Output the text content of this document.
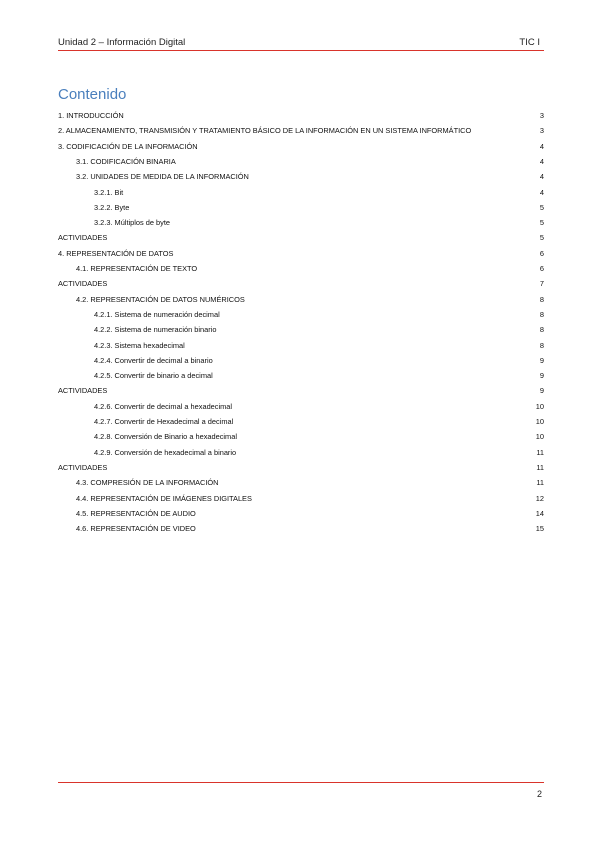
Unidad 2 – Información Digital	TIC I
Contenido
1. INTRODUCCIÓN	3
2. ALMACENAMIENTO, TRANSMISIÓN Y TRATAMIENTO BÁSICO DE LA INFORMACIÓN EN UN SISTEMA INFORMÁTICO	3
3. CODIFICACIÓN DE LA INFORMACIÓN	4
3.1. CODIFICACIÓN BINARIA	4
3.2. UNIDADES DE MEDIDA DE LA INFORMACIÓN	4
3.2.1. Bit	4
3.2.2. Byte	5
3.2.3. Múltiplos de byte	5
ACTIVIDADES	5
4. REPRESENTACIÓN DE DATOS	6
4.1. REPRESENTACIÓN DE TEXTO	6
ACTIVIDADES	7
4.2. REPRESENTACIÓN DE DATOS NUMÉRICOS	8
4.2.1. Sistema de numeración decimal	8
4.2.2. Sistema de numeración binario	8
4.2.3. Sistema hexadecimal	8
4.2.4. Convertir de decimal a binario	9
4.2.5. Convertir de binario a decimal	9
ACTIVIDADES	9
4.2.6. Convertir de decimal a hexadecimal	10
4.2.7. Convertir de Hexadecimal a decimal	10
4.2.8. Conversión de Binario a hexadecimal	10
4.2.9. Conversión de hexadecimal a binario	11
ACTIVIDADES	11
4.3. COMPRESIÓN DE LA INFORMACIÓN	11
4.4. REPRESENTACIÓN DE IMÁGENES DIGITALES	12
4.5. REPRESENTACIÓN DE AUDIO	14
4.6. REPRESENTACIÓN DE VIDEO	15
2
